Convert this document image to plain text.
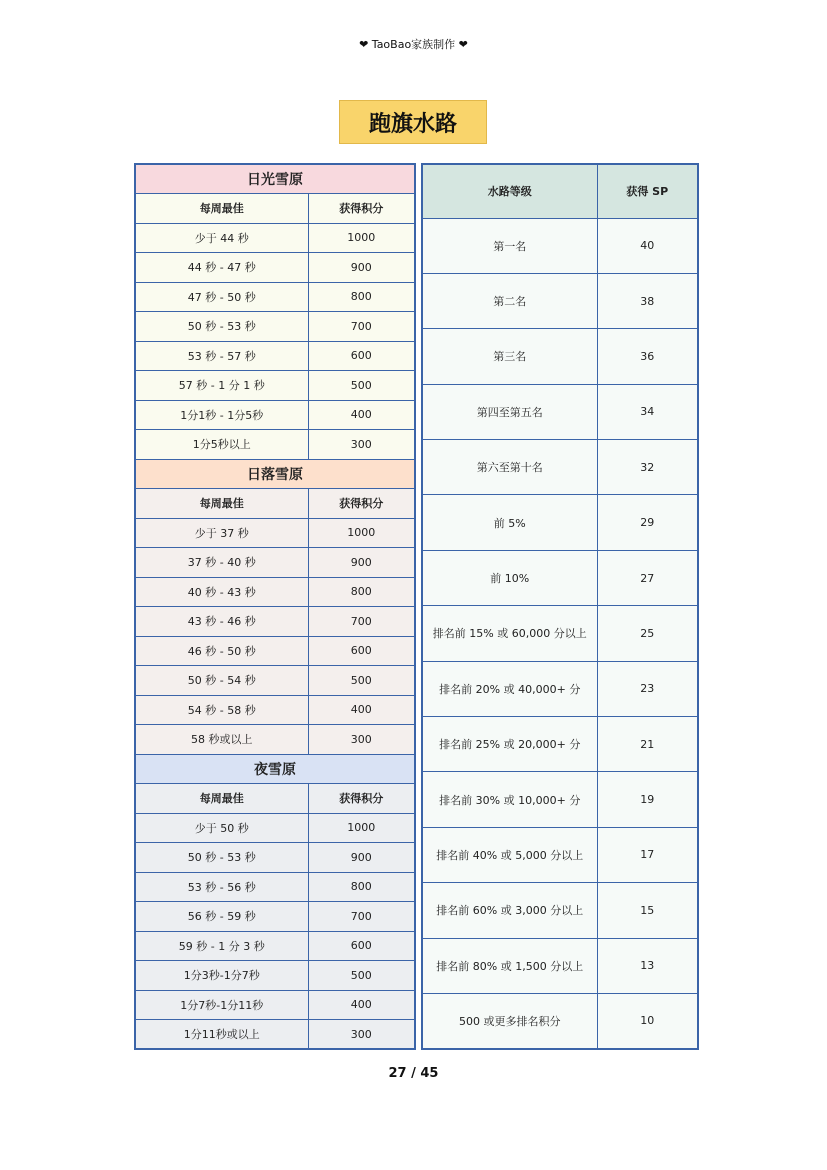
❤ TaoBao家族制作 ❤
跑旗水路
日光雪原	
每周最佳	获得积分
少于 44 秒	1000
44 秒 - 47 秒	900
47 秒 - 50 秒	800
50 秒 - 53 秒	700
53 秒 - 57 秒	600
57 秒 - 1 分 1 秒	500
1分1秒 - 1分5秒	400
1分5秒以上	300
日落雪原	
每周最佳	获得积分
少于 37 秒	1000
37 秒 - 40 秒	900
40 秒 - 43 秒	800
43 秒 - 46 秒	700
46 秒 - 50 秒	600
50 秒 - 54 秒	500
54 秒 - 58 秒	400
58 秒或以上	300
夜雪原	
每周最佳	获得积分
少于 50 秒	1000
50 秒 - 53 秒	900
53 秒 - 56 秒	800
56 秒 - 59 秒	700
59 秒 - 1 分 3 秒	600
1分3秒-1分7秒	500
1分7秒-1分11秒	400
1分11秒或以上	300
水路等级	获得 SP
第一名	40
第二名	38
第三名	36
第四至第五名	34
第六至第十名	32
前 5%	29
前 10%	27
排名前 15% 或 60,000 分以上	25
排名前 20% 或 40,000+ 分	23
排名前 25% 或 20,000+ 分	21
排名前 30% 或 10,000+ 分	19
排名前 40% 或 5,000 分以上	17
排名前 60% 或 3,000 分以上	15
排名前 80% 或 1,500 分以上	13
500 或更多排名积分	10
27 / 45
